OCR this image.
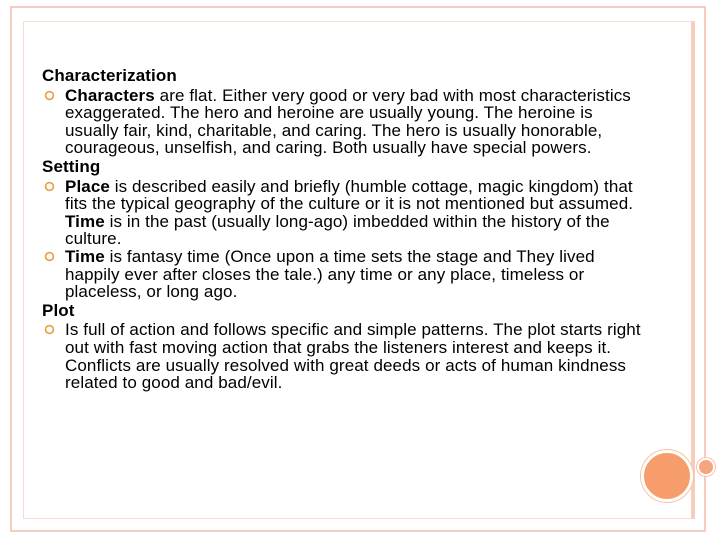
Characterization
Characters are flat. Either very good or very bad with most characteristics exaggerated. The hero and heroine are usually young. The heroine is usually fair, kind, charitable, and caring. The hero is usually honorable, courageous, unselfish, and caring. Both usually have special powers.
Setting
Place is described easily and briefly (humble cottage, magic kingdom) that fits the typical geography of the culture or it is not mentioned but assumed. Time is in the past (usually long-ago) imbedded within the history of the culture.
Time is fantasy time (Once upon a time sets the stage and They lived happily ever after closes the tale.) any time or any place, timeless or placeless, or long ago.
Plot
Is full of action and follows specific and simple patterns. The plot starts right out with fast moving action that grabs the listeners interest and keeps it. Conflicts are usually resolved with great deeds or acts of human kindness related to good and bad/evil.
